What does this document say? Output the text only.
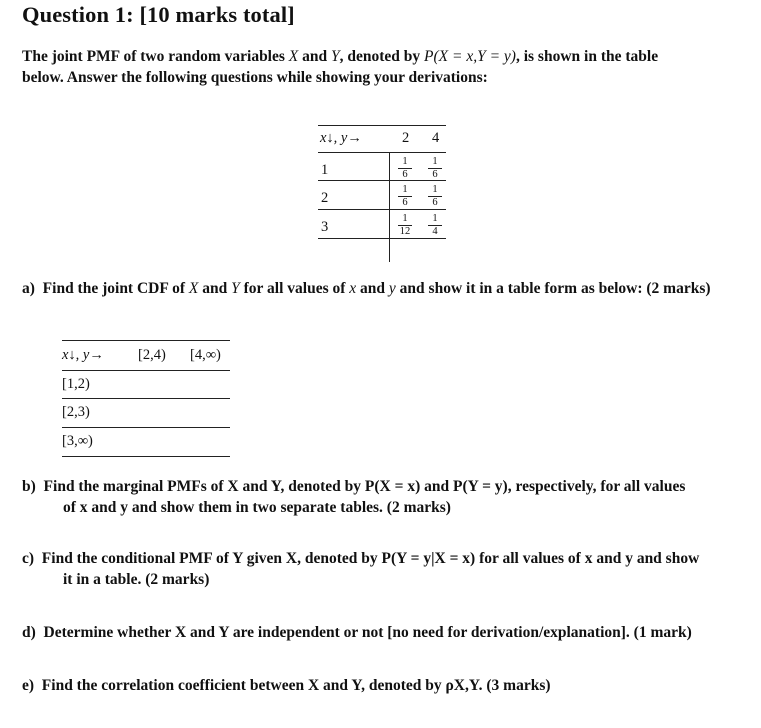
Question 1: [10 marks total]
The joint PMF of two random variables X and Y, denoted by P(X = x,Y = y), is shown in the table
below. Answer the following questions while showing your derivations:
x↓, y→	2 4
1
1
6
1
6
2
1
6
1
6
3
1
12
1
4
a) Find the joint CDF of X and Y for all values of x and y and show it in a table form as below: (2 marks)
x↓, y→ [2,4) [4,∞)
[1,2)
[2,3)
[3,∞)
b) Find the marginal PMFs of X and Y, denoted by P(X = x) and P(Y = y), respectively, for all values
of x and y and show them in two separate tables. (2 marks)
c) Find the conditional PMF of Y given X, denoted by P(Y = y|X = x) for all values of x and y and show
it in a table. (2 marks)
d) Determine whether X and Y are independent or not [no need for derivation/explanation]. (1 mark)
e) Find the correlation coefficient between X and Y, denoted by ρX,Y. (3 marks)
